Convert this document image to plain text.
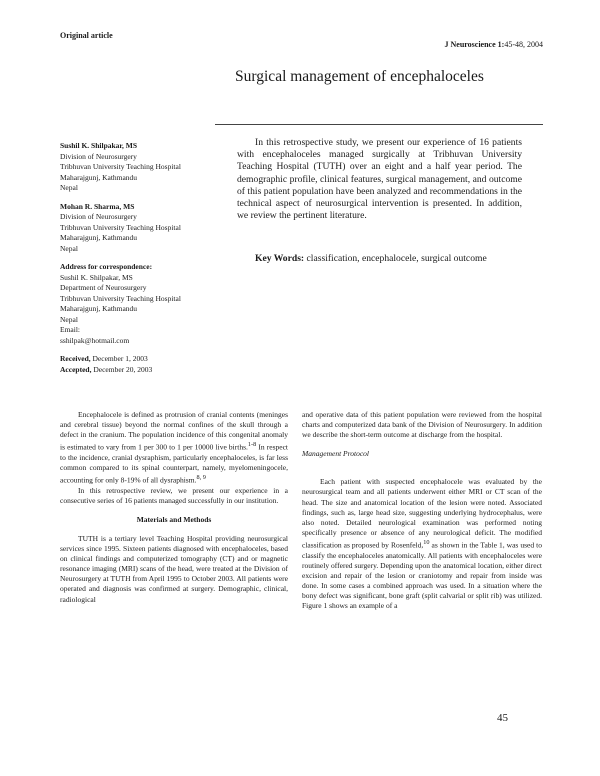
Original article
J Neuroscience 1:45-48, 2004
Surgical management of encephaloceles
Sushil K. Shilpakar, MS
Division of Neurosurgery
Tribhuvan University Teaching Hospital
Maharajgunj, Kathmandu
Nepal
Mohan R. Sharma, MS
Division of Neurosurgery
Tribhuvan University Teaching Hospital
Maharajgunj, Kathmandu
Nepal
Address for correspondence:
Sushil K. Shilpakar, MS
Department of Neurosurgery
Tribhuvan University Teaching Hospital
Maharajgunj, Kathmandu
Nepal
Email:
sshilpak@hotmail.com
Received, December 1, 2003
Accepted, December 20, 2003
In this retrospective study, we present our experience of 16 patients with encephaloceles managed surgically at Tribhuvan University Teaching Hospital (TUTH) over an eight and a half year period. The demographic profile, clinical features, surgical management, and outcome of this patient population have been analyzed and recommendations in the technical aspect of neurosurgical intervention is presented. In addition, we review the pertinent literature.
Key Words: classification, encephalocele, surgical outcome

Encephalocele is defined as protrusion of cranial contents (meninges and cerebral tissue) beyond the normal confines of the skull through a defect in the cranium. The population incidence of this congenital anomaly is estimated to vary from 1 per 300 to 1 per 10000 live births.$^{1-8}$ In respect to the incidence, cranial dysraphism, particularly encephaloceles, is far less common compared to its spinal counterpart, namely, myelomeningocele, accounting for only 8-19% of all dysraphism.$^{8, 9}$

In this retrospective review, we present our experience in a consecutive series of 16 patients managed successfully in our institution.

Materials and Methods

TUTH is a tertiary level Teaching Hospital providing neurosurgical services since 1995. Sixteen patients diagnosed with encephaloceles, based on clinical findings and computerized tomography (CT) and or magnetic resonance imaging (MRI) scans of the head, were treated at the Division of Neurosurgery at TUTH from April 1995 to October 2003. All patients were operated and diagnosis was confirmed at surgery. Demographic, clinical, radiological

and operative data of this patient population were reviewed from the hospital charts and computerized data bank of the Division of Neurosurgery. In addition we describe the short-term outcome at discharge from the hospital.

Management Protocol

Each patient with suspected encephalocele was evaluated by the neurosurgical team and all patients underwent either MRI or CT scan of the head. The size and anatomical location of the lesion were noted. Associated findings, such as, large head size, suggesting underlying hydrocephalus, were also noted. Detailed neurological examination was performed noting specifically presence or absence of any neurological deficit. The modified classification as proposed by Rosenfeld,$^{10}$ as shown in the Table 1, was used to classify the encephaloceles anatomically. All patients with encephaloceles were routinely offered surgery. Depending upon the anatomical location, either direct excision and repair of the lesion or craniotomy and repair from inside was done. In some cases a combined approach was used. In a situation where the bony defect was significant, bone graft (split calvarial or split rib) was utilized. Figure 1 shows an example of a

45
